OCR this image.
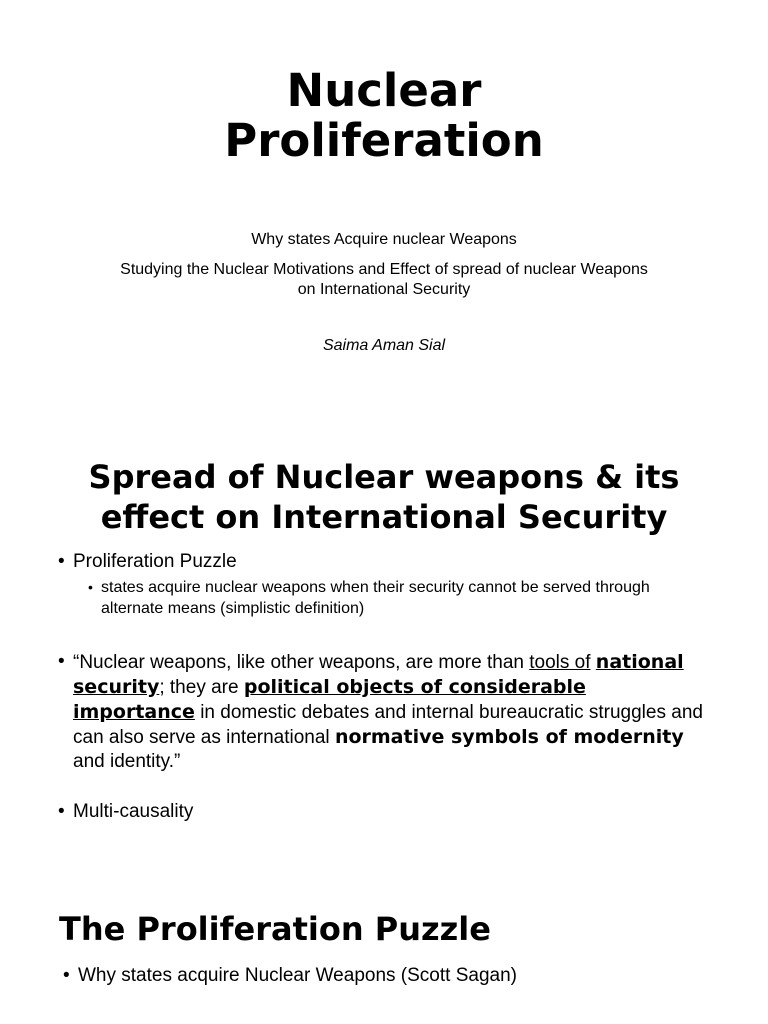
Nuclear
Proliferation
Why states Acquire nuclear Weapons
Studying the Nuclear Motivations and Effect of spread of nuclear Weapons on International Security
Saima Aman Sial
Spread of Nuclear weapons & its
effect on International Security
• Proliferation Puzzle
• states acquire nuclear weapons when their security cannot be served through alternate means (simplistic definition)
• “Nuclear weapons, like other weapons, are more than tools of national security; they are political objects of considerable importance in domestic debates and internal bureaucratic struggles and can also serve as international normative symbols of modernity and identity.”
• Multi-causality
The Proliferation Puzzle
• Why states acquire Nuclear Weapons (Scott Sagan)
